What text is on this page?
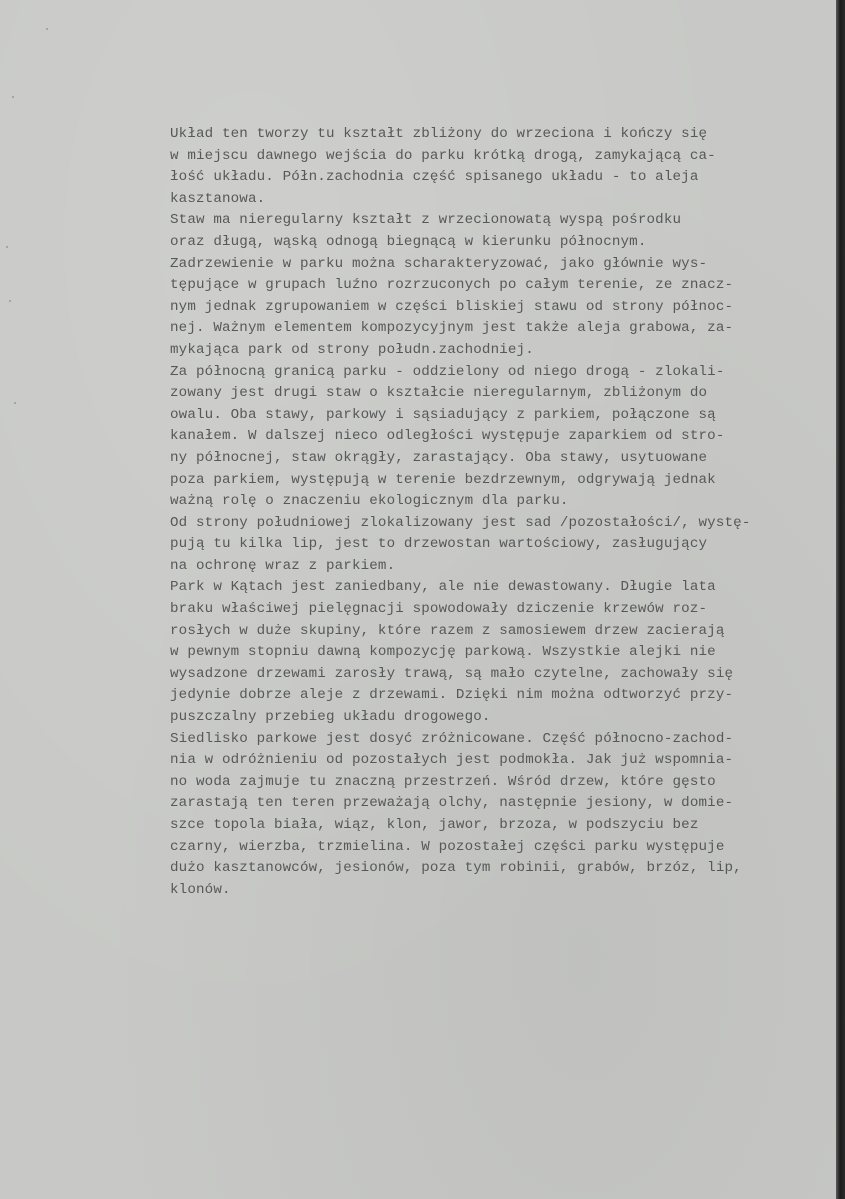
Układ ten tworzy tu kształt zbliżony do wrzeciona i kończy się
w miejscu dawnego wejścia do parku krótką drogą, zamykającą ca-
łość układu. Półn.zachodnia część spisanego układu - to aleja
kasztanowa.
Staw ma nieregularny kształt z wrzecionowatą wyspą pośrodku
oraz długą, wąską odnogą biegnącą w kierunku północnym.
Zadrzewienie w parku można scharakteryzować, jako głównie wys-
tępujące w grupach luźno rozrzuconych po całym terenie, ze znacz-
nym jednak zgrupowaniem w części bliskiej stawu od strony północ-
nej. Ważnym elementem kompozycyjnym jest także aleja grabowa, za-
mykająca park od strony połudn.zachodniej.
Za północną granicą parku - oddzielony od niego drogą - zlokali-
zowany jest drugi staw o kształcie nieregularnym, zbliżonym do
owalu. Oba stawy, parkowy i sąsiadujący z parkiem, połączone są
kanałem. W dalszej nieco odległości występuje zaparkiem od stro-
ny północnej, staw okrągły, zarastający. Oba stawy, usytuowane
poza parkiem, występują w terenie bezdrzewnym, odgrywają jednak
ważną rolę o znaczeniu ekologicznym dla parku.
Od strony południowej zlokalizowany jest sad /pozostałości/, wystę-
pują tu kilka lip, jest to drzewostan wartościowy, zasługujący
na ochronę wraz z parkiem.
Park w Kątach jest zaniedbany, ale nie dewastowany. Długie lata
braku właściwej pielęgnacji spowodowały dziczenie krzewów roz-
rosłych w duże skupiny, które razem z samosiewem drzew zacierają
w pewnym stopniu dawną kompozycję parkową. Wszystkie alejki nie
wysadzone drzewami zarosły trawą, są mało czytelne, zachowały się
jedynie dobrze aleje z drzewami. Dzięki nim można odtworzyć przy-
puszczalny przebieg układu drogowego.
Siedlisko parkowe jest dosyć zróżnicowane. Część północno-zachod-
nia w odróżnieniu od pozostałych jest podmokła. Jak już wspomnia-
no woda zajmuje tu znaczną przestrzeń. Wśród drzew, które gęsto
zarastają ten teren przeważają olchy, następnie jesiony, w domie-
szce topola biała, wiąz, klon, jawor, brzoza, w podszyciu bez
czarny, wierzba, trzmielina. W pozostałej części parku występuje
dużo kasztanowców, jesionów, poza tym robinii, grabów, brzóz, lip,
klonów.
